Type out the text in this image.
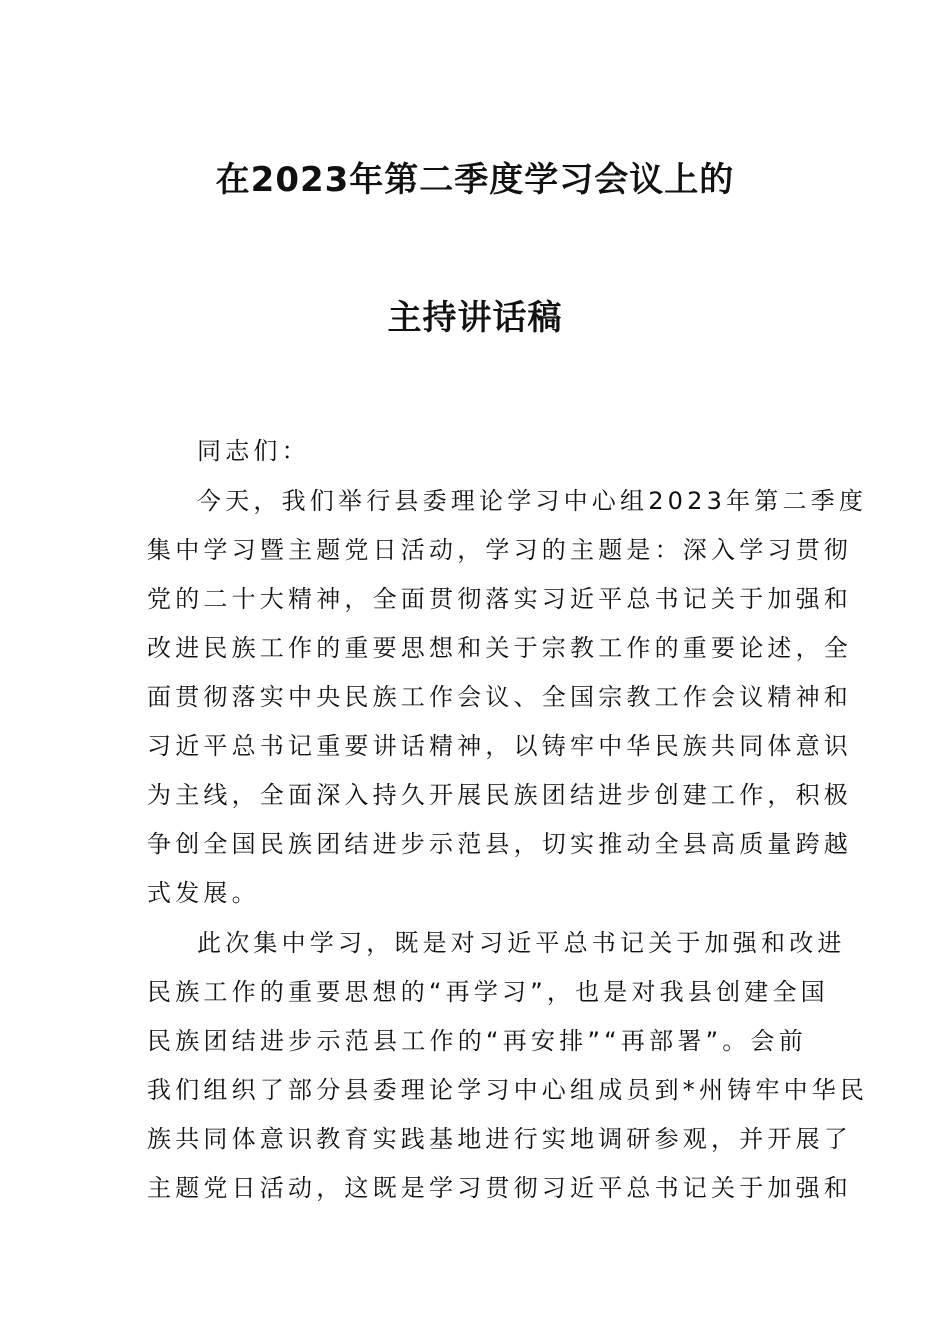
在2023年第二季度学习会议上的
主持讲话稿
同志们：
今天，我们举行县委理论学习中心组2023年第二季度
集中学习暨主题党日活动，学习的主题是：深入学习贯彻
党的二十大精神，全面贯彻落实习近平总书记关于加强和
改进民族工作的重要思想和关于宗教工作的重要论述，全
面贯彻落实中央民族工作会议、全国宗教工作会议精神和
习近平总书记重要讲话精神，以铸牢中华民族共同体意识
为主线，全面深入持久开展民族团结进步创建工作，积极
争创全国民族团结进步示范县，切实推动全县高质量跨越
式发展。
此次集中学习，既是对习近平总书记关于加强和改进
民族工作的重要思想的“再学习”，也是对我县创建全国
民族团结进步示范县工作的“再安排”“再部署”。会前
我们组织了部分县委理论学习中心组成员到*州铸牢中华民
族共同体意识教育实践基地进行实地调研参观，并开展了
主题党日活动，这既是学习贯彻习近平总书记关于加强和
